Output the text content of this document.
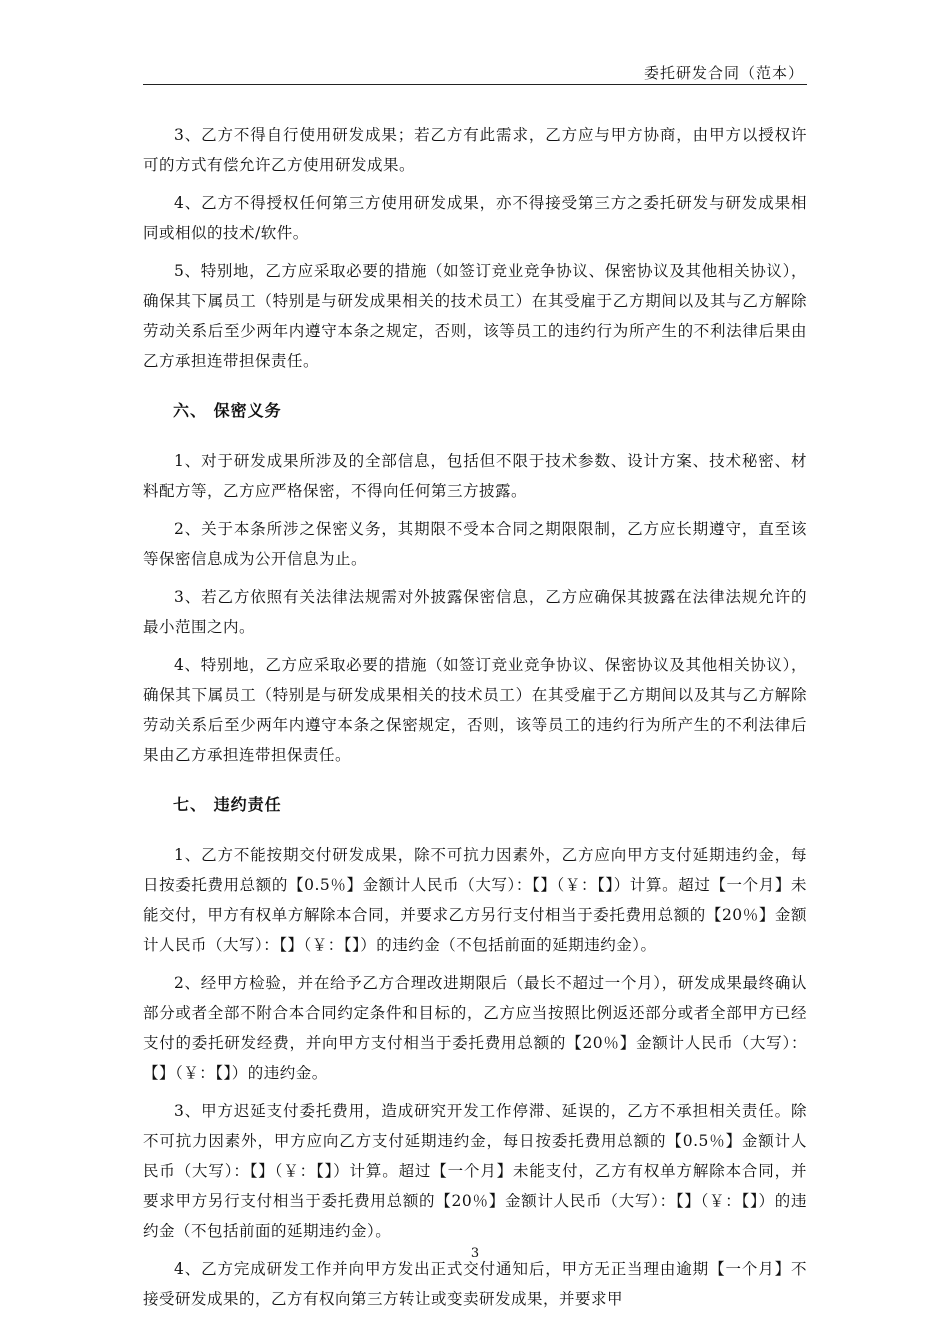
委托研发合同（范本）

3、乙方不得自行使用研发成果；若乙方有此需求，乙方应与甲方协商，由甲方以授权许可的方式有偿允许乙方使用研发成果。

4、乙方不得授权任何第三方使用研发成果，亦不得接受第三方之委托研发与研发成果相同或相似的技术/软件。

5、特别地，乙方应采取必要的措施（如签订竞业竞争协议、保密协议及其他相关协议），确保其下属员工（特别是与研发成果相关的技术员工）在其受雇于乙方期间以及其与乙方解除劳动关系后至少两年内遵守本条之规定，否则，该等员工的违约行为所产生的不利法律后果由乙方承担连带担保责任。

六、 保密义务

1、对于研发成果所涉及的全部信息，包括但不限于技术参数、设计方案、技术秘密、材料配方等，乙方应严格保密，不得向任何第三方披露。

2、关于本条所涉之保密义务，其期限不受本合同之期限限制，乙方应长期遵守，直至该等保密信息成为公开信息为止。

3、若乙方依照有关法律法规需对外披露保密信息，乙方应确保其披露在法律法规允许的最小范围之内。

4、特别地，乙方应采取必要的措施（如签订竞业竞争协议、保密协议及其他相关协议），确保其下属员工（特别是与研发成果相关的技术员工）在其受雇于乙方期间以及其与乙方解除劳动关系后至少两年内遵守本条之保密规定，否则，该等员工的违约行为所产生的不利法律后果由乙方承担连带担保责任。

七、 违约责任

1、乙方不能按期交付研发成果，除不可抗力因素外，乙方应向甲方支付延期违约金，每日按委托费用总额的【0.5％】金额计人民币（大写）：【】（￥：【】）计算。超过【一个月】未能交付，甲方有权单方解除本合同，并要求乙方另行支付相当于委托费用总额的【20％】金额计人民币（大写）：【】（￥：【】）的违约金（不包括前面的延期违约金）。

2、经甲方检验，并在给予乙方合理改进期限后（最长不超过一个月），研发成果最终确认部分或者全部不附合本合同约定条件和目标的，乙方应当按照比例返还部分或者全部甲方已经支付的委托研发经费，并向甲方支付相当于委托费用总额的【20％】金额计人民币（大写）：【】（￥：【】）的违约金。

3、甲方迟延支付委托费用，造成研究开发工作停滞、延误的，乙方不承担相关责任。除不可抗力因素外，甲方应向乙方支付延期违约金，每日按委托费用总额的【0.5％】金额计人民币（大写）：【】（￥：【】）计算。超过【一个月】未能支付，乙方有权单方解除本合同，并要求甲方另行支付相当于委托费用总额的【20％】金额计人民币（大写）：【】（￥：【】）的违约金（不包括前面的延期违约金）。

4、乙方完成研发工作并向甲方发出正式交付通知后，甲方无正当理由逾期【一个月】不接受研发成果的，乙方有权向第三方转让或变卖研发成果，并要求甲

3
